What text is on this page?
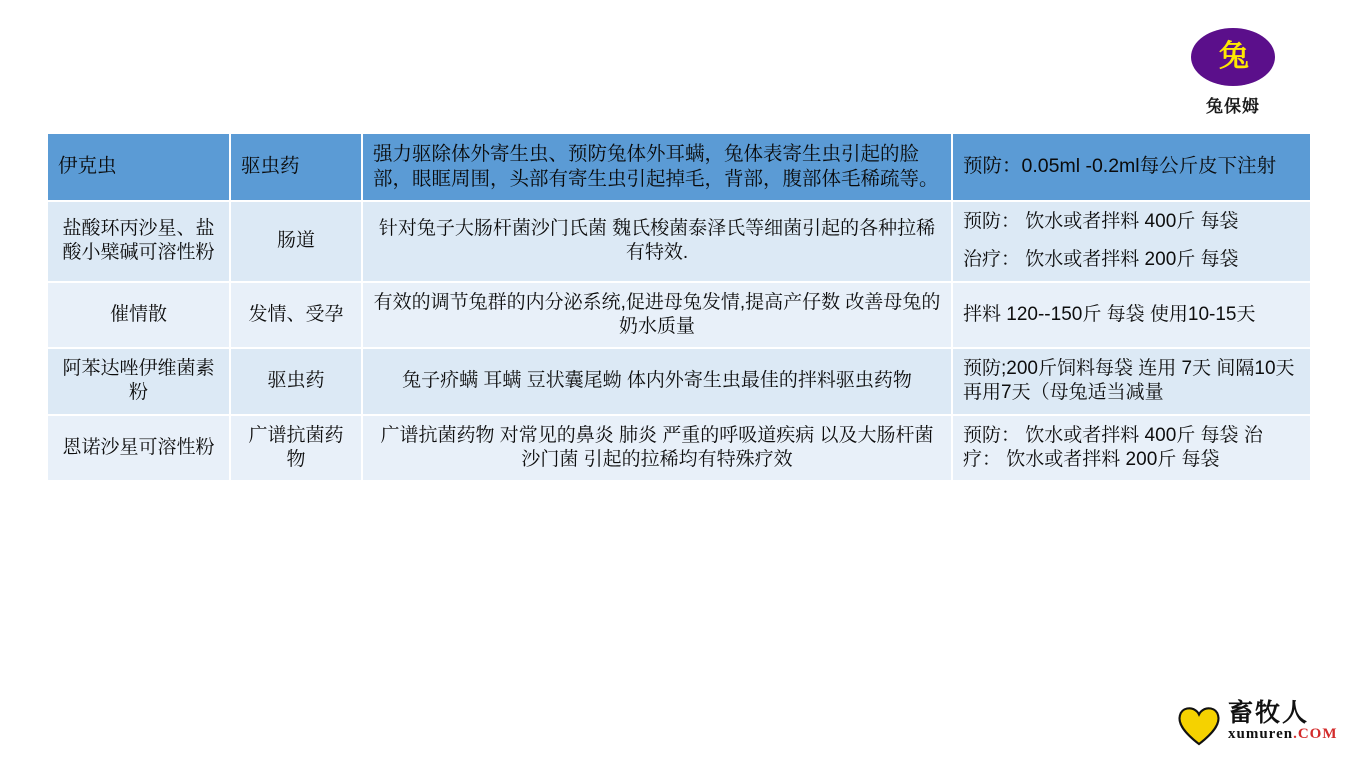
兔
兔保姆
伊克虫	驱虫药	强力驱除体外寄生虫、预防兔体外耳螨，兔体表寄生虫引起的脸部，眼眶周围，头部有寄生虫引起掉毛，背部，腹部体毛稀疏等。	预防：0.05ml -0.2ml每公斤皮下注射

盐酸环丙沙星、盐酸小檗碱可溶性粉	肠道	针对兔子大肠杆菌沙门氏菌 魏氏梭菌泰泽氏等细菌引起的各种拉稀有特效.	预防： 饮水或者拌料 400斤 每袋
治疗： 饮水或者拌料 200斤 每袋

催情散	发情、受孕	有效的调节兔群的内分泌系统,促进母兔发情,提高产仔数 改善母兔的奶水质量	拌料 120--150斤 每袋 使用10-15天

阿苯达唑伊维菌素粉	驱虫药	兔子疥螨 耳螨 豆状囊尾蚴 体内外寄生虫最佳的拌料驱虫药物	预防;200斤饲料每袋 连用 7天 间隔10天 再用7天（母兔适当减量

恩诺沙星可溶性粉	广谱抗菌药物	广谱抗菌药物 对常见的鼻炎 肺炎 严重的呼吸道疾病 以及大肠杆菌 沙门菌 引起的拉稀均有特殊疗效	预防： 饮水或者拌料 400斤 每袋 治疗： 饮水或者拌料 200斤 每袋
畜牧人
xumuren.COM
